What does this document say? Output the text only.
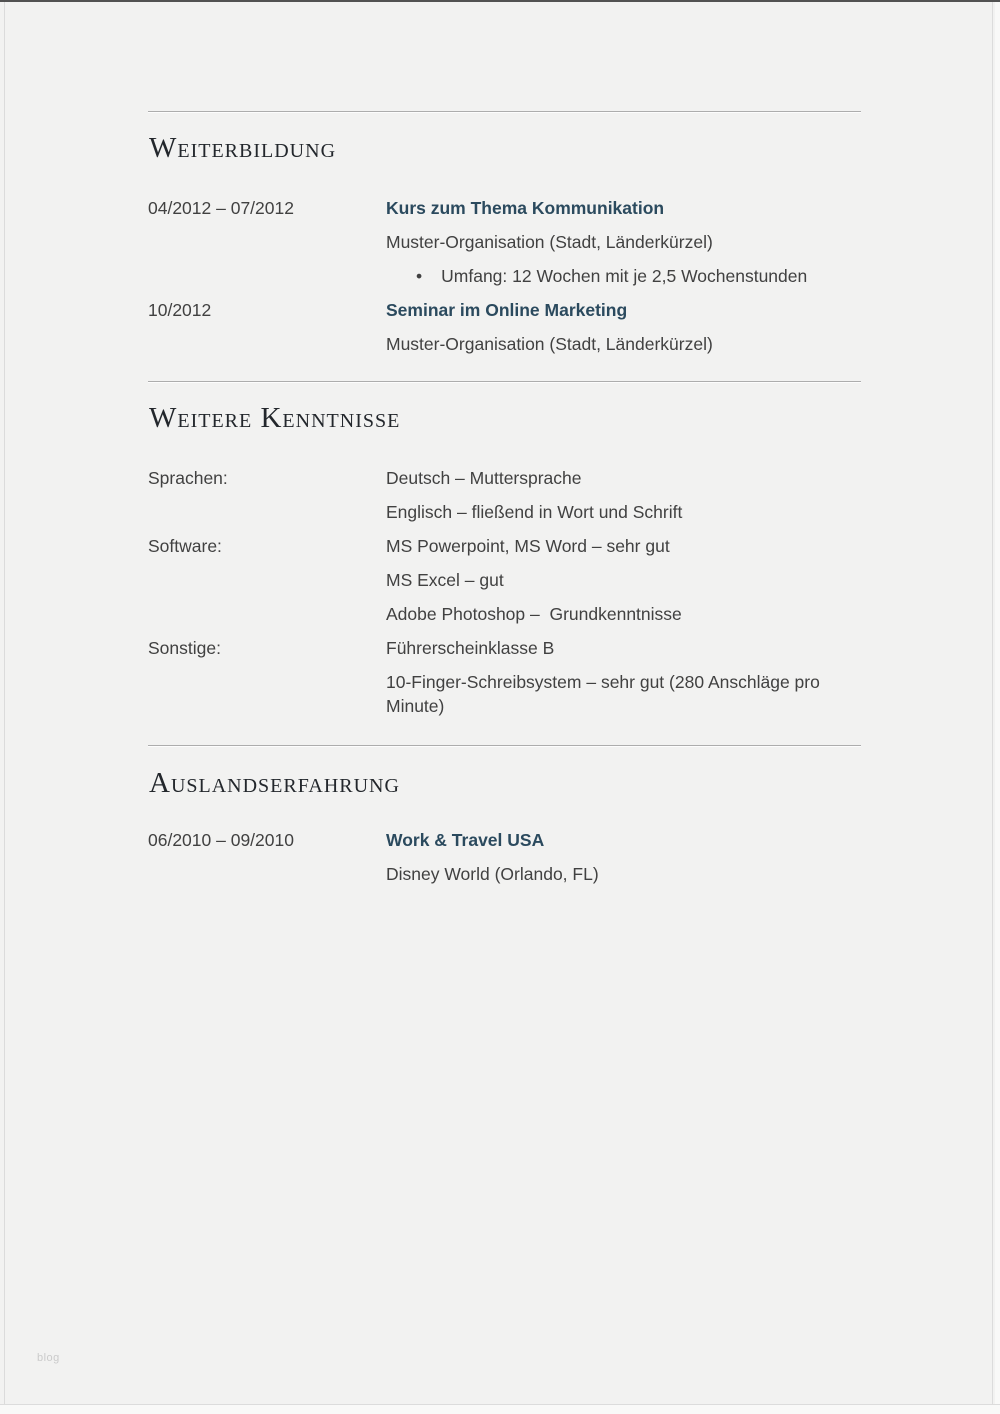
Weiterbildung
04/2012 – 07/2012	Kurs zum Thema Kommunikation
Muster-Organisation (Stadt, Länderkürzel)
•	Umfang: 12 Wochen mit je 2,5 Wochenstunden
10/2012	Seminar im Online Marketing
Muster-Organisation (Stadt, Länderkürzel)
Weitere Kenntnisse
Sprachen:	Deutsch – Muttersprache
Englisch – fließend in Wort und Schrift
Software:	MS Powerpoint, MS Word – sehr gut
MS Excel – gut
Adobe Photoshop –  Grundkenntnisse
Sonstige:	Führerscheinklasse B
10-Finger-Schreibsystem – sehr gut (280 Anschläge pro Minute)
Auslandserfahrung
06/2010 – 09/2010	Work & Travel USA
Disney World (Orlando, FL)
blog
